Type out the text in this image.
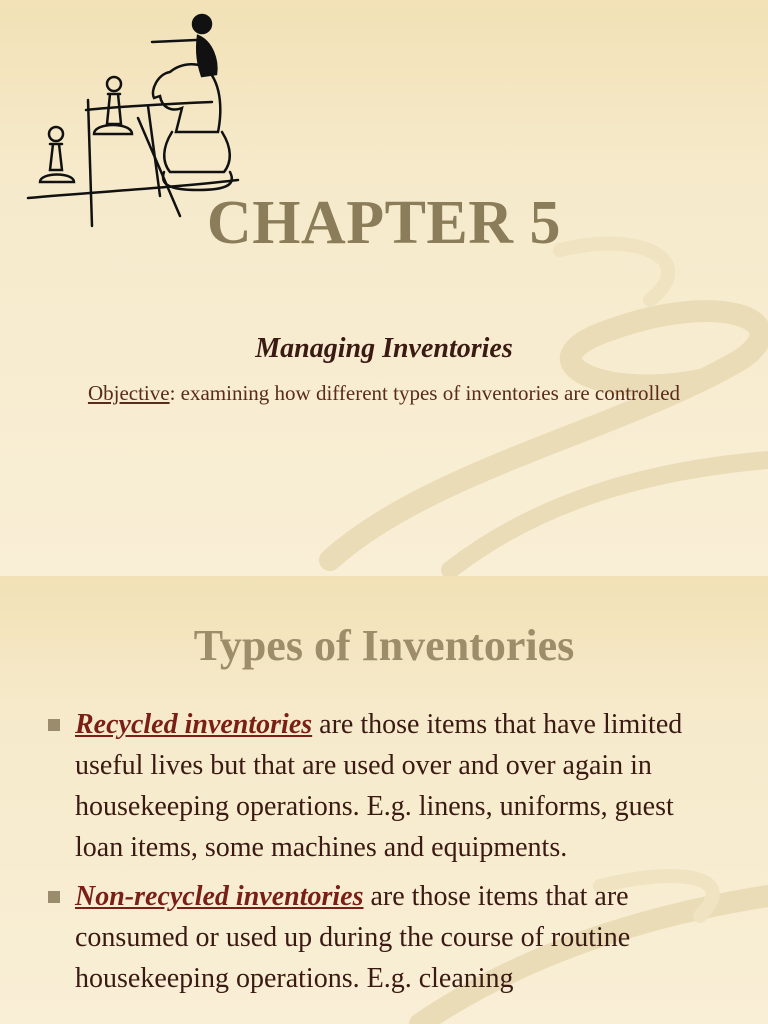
CHAPTER 5
Managing Inventories
Objective: examining how different types of inventories are controlled
Types of Inventories
Recycled inventories are those items that have limited useful lives but that are used over and over again in housekeeping operations. E.g. linens, uniforms, guest loan items, some machines and equipments.
Non-recycled inventories are those items that are consumed or used up during the course of routine housekeeping operations. E.g. cleaning
